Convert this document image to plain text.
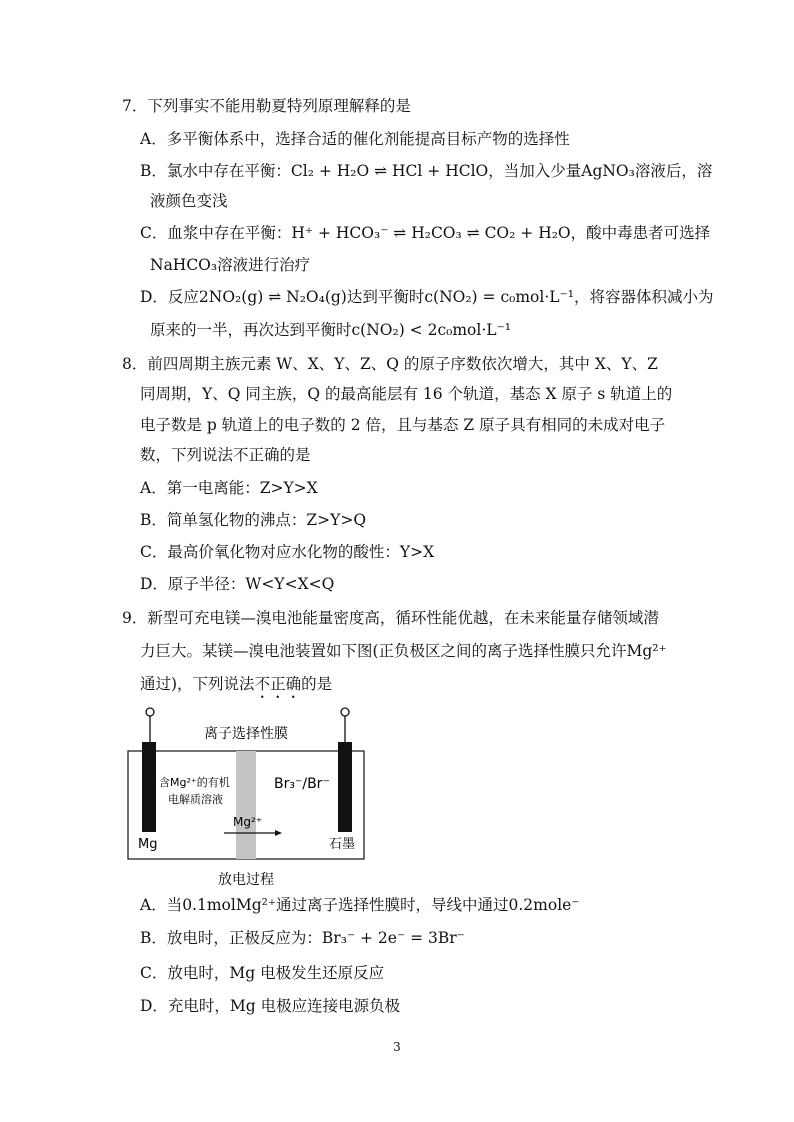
7．下列事实不能用勒夏特列原理解释的是
A．多平衡体系中，选择合适的催化剂能提高目标产物的选择性
B．氯水中存在平衡：Cl₂ + H₂O ⇌ HCl + HClO，当加入少量AgNO₃溶液后，溶
液颜色变浅
C．血浆中存在平衡：H⁺ + HCO₃⁻ ⇌ H₂CO₃ ⇌ CO₂ + H₂O，酸中毒患者可选择
NaHCO₃溶液进行治疗
D．反应2NO₂(g) ⇌ N₂O₄(g)达到平衡时c(NO₂) = c₀mol·L⁻¹，将容器体积减小为
原来的一半，再次达到平衡时c(NO₂) < 2c₀mol·L⁻¹
8．前四周期主族元素 W、X、Y、Z、Q 的原子序数依次增大，其中 X、Y、Z
同周期，Y、Q 同主族，Q 的最高能层有 16 个轨道，基态 X 原子 s 轨道上的
电子数是 p 轨道上的电子数的 2 倍，且与基态 Z 原子具有相同的未成对电子
数，下列说法不正确的是
A．第一电离能：Z>Y>X
B．简单氢化物的沸点：Z>Y>Q
C．最高价氧化物对应水化物的酸性：Y>X
D．原子半径：W<Y<X<Q
9．新型可充电镁—溴电池能量密度高，循环性能优越，在未来能量存储领域潜
力巨大。某镁—溴电池装置如下图(正负极区之间的离子选择性膜只允许Mg²⁺
通过)，下列说法不正确的是
离子选择性膜
含Mg²⁺的有机
电解质溶液
Br₃⁻/Br⁻
Mg²⁺
Mg	石墨
放电过程
A．当0.1molMg²⁺通过离子选择性膜时，导线中通过0.2mole⁻
B．放电时，正极反应为：Br₃⁻ + 2e⁻ = 3Br⁻
C．放电时，Mg 电极发生还原反应
D．充电时，Mg 电极应连接电源负极
3
